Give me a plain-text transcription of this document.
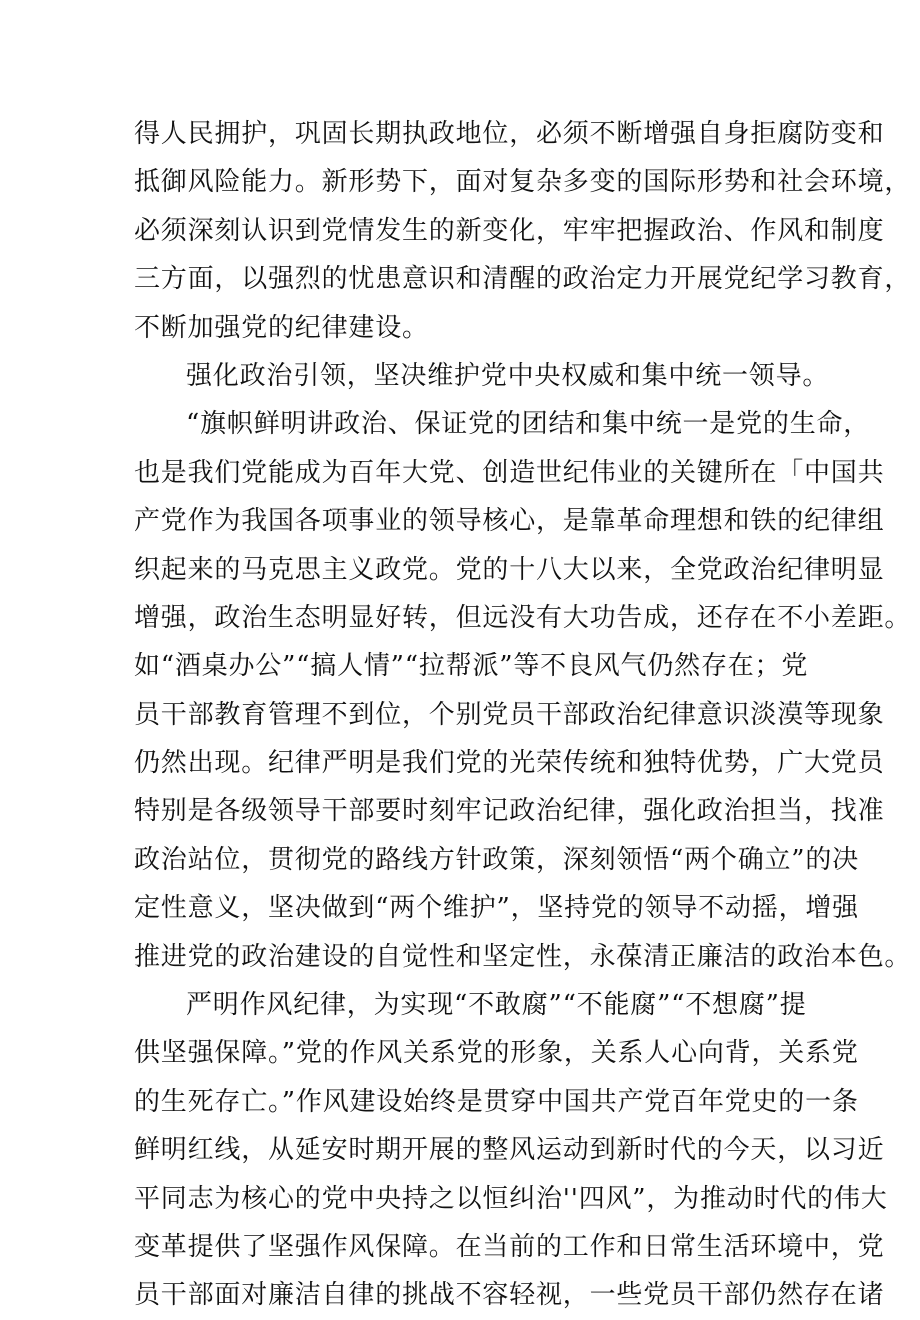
得人民拥护，巩固长期执政地位，必须不断增强自身拒腐防变和
抵御风险能力。新形势下，面对复杂多变的国际形势和社会环境，
必须深刻认识到党情发生的新变化，牢牢把握政治、作风和制度
三方面，以强烈的忧患意识和清醒的政治定力开展党纪学习教育，
不断加强党的纪律建设。

强化政治引领，坚决维护党中央权威和集中统一领导。

“旗帜鲜明讲政治、保证党的团结和集中统一是党的生命，
也是我们党能成为百年大党、创造世纪伟业的关键所在「中国共
产党作为我国各项事业的领导核心，是靠革命理想和铁的纪律组
织起来的马克思主义政党。党的十八大以来，全党政治纪律明显
增强，政治生态明显好转，但远没有大功告成，还存在不小差距。
如“酒桌办公”“搞人情”“拉帮派”等不良风气仍然存在；党
员干部教育管理不到位，个别党员干部政治纪律意识淡漠等现象
仍然出现。纪律严明是我们党的光荣传统和独特优势，广大党员
特别是各级领导干部要时刻牢记政治纪律，强化政治担当，找准
政治站位，贯彻党的路线方针政策，深刻领悟“两个确立”的决
定性意义，坚决做到“两个维护”，坚持党的领导不动摇，增强
推进党的政治建设的自觉性和坚定性，永葆清正廉洁的政治本色。

严明作风纪律，为实现“不敢腐”“不能腐”“不想腐”提
供坚强保障。”党的作风关系党的形象，关系人心向背，关系党
的生死存亡。”作风建设始终是贯穿中国共产党百年党史的一条
鲜明红线，从延安时期开展的整风运动到新时代的今天，以习近
平同志为核心的党中央持之以恒纠治''四风”，为推动时代的伟大
变革提供了坚强作风保障。在当前的工作和日常生活环境中，党
员干部面对廉洁自律的挑战不容轻视，一些党员干部仍然存在诸
